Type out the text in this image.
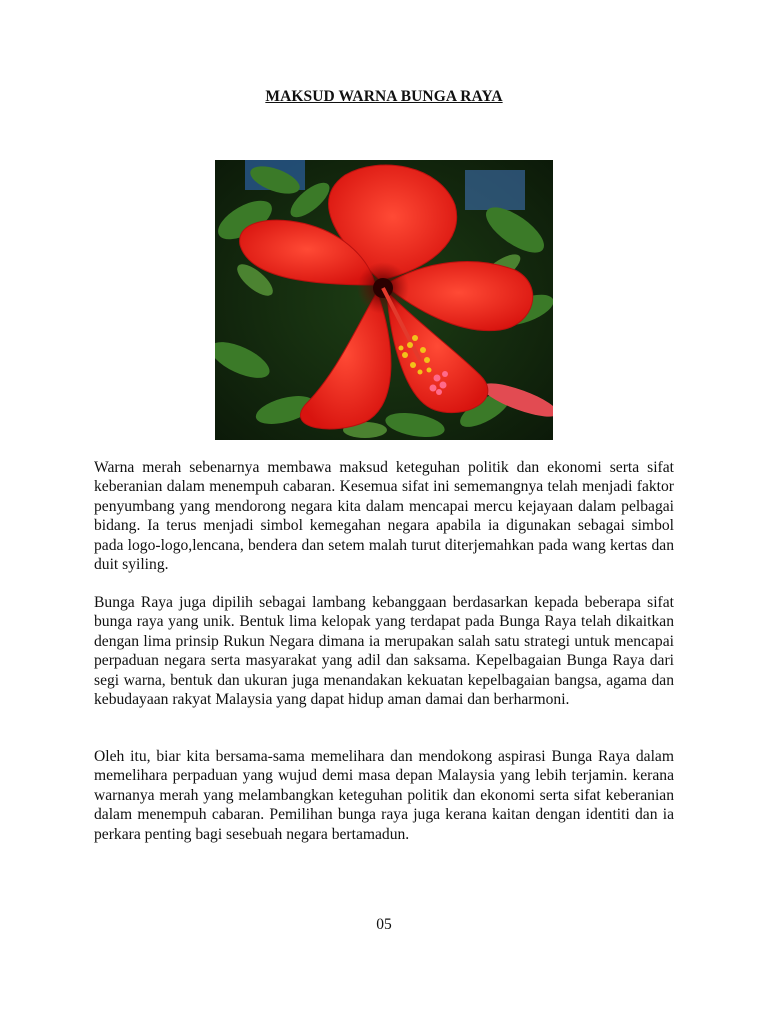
MAKSUD WARNA BUNGA RAYA

Warna merah sebenarnya membawa maksud keteguhan politik dan ekonomi serta sifat keberanian dalam menempuh cabaran. Kesemua sifat ini sememangnya telah menjadi faktor penyumbang yang mendorong negara kita dalam mencapai mercu kejayaan dalam pelbagai bidang. Ia terus menjadi simbol kemegahan negara apabila ia digunakan sebagai simbol pada logo-logo,lencana, bendera dan setem malah turut diterjemahkan pada wang kertas dan duit syiling.

Bunga Raya juga dipilih sebagai lambang kebanggaan berdasarkan kepada beberapa sifat bunga raya yang unik. Bentuk lima kelopak yang terdapat pada Bunga Raya telah dikaitkan dengan lima prinsip Rukun Negara dimana ia merupakan salah satu strategi untuk mencapai perpaduan negara serta masyarakat yang adil dan saksama. Kepelbagaian Bunga Raya dari segi warna, bentuk dan ukuran juga menandakan kekuatan kepelbagaian bangsa, agama dan kebudayaan rakyat Malaysia yang dapat hidup aman damai dan berharmoni.

Oleh itu, biar kita bersama-sama memelihara dan mendokong aspirasi Bunga Raya dalam memelihara perpaduan yang wujud demi masa depan Malaysia yang lebih terjamin. kerana warnanya merah yang melambangkan keteguhan politik dan ekonomi serta sifat keberanian dalam menempuh cabaran. Pemilihan bunga raya juga kerana kaitan dengan identiti dan ia perkara penting bagi sesebuah negara bertamadun.

05
